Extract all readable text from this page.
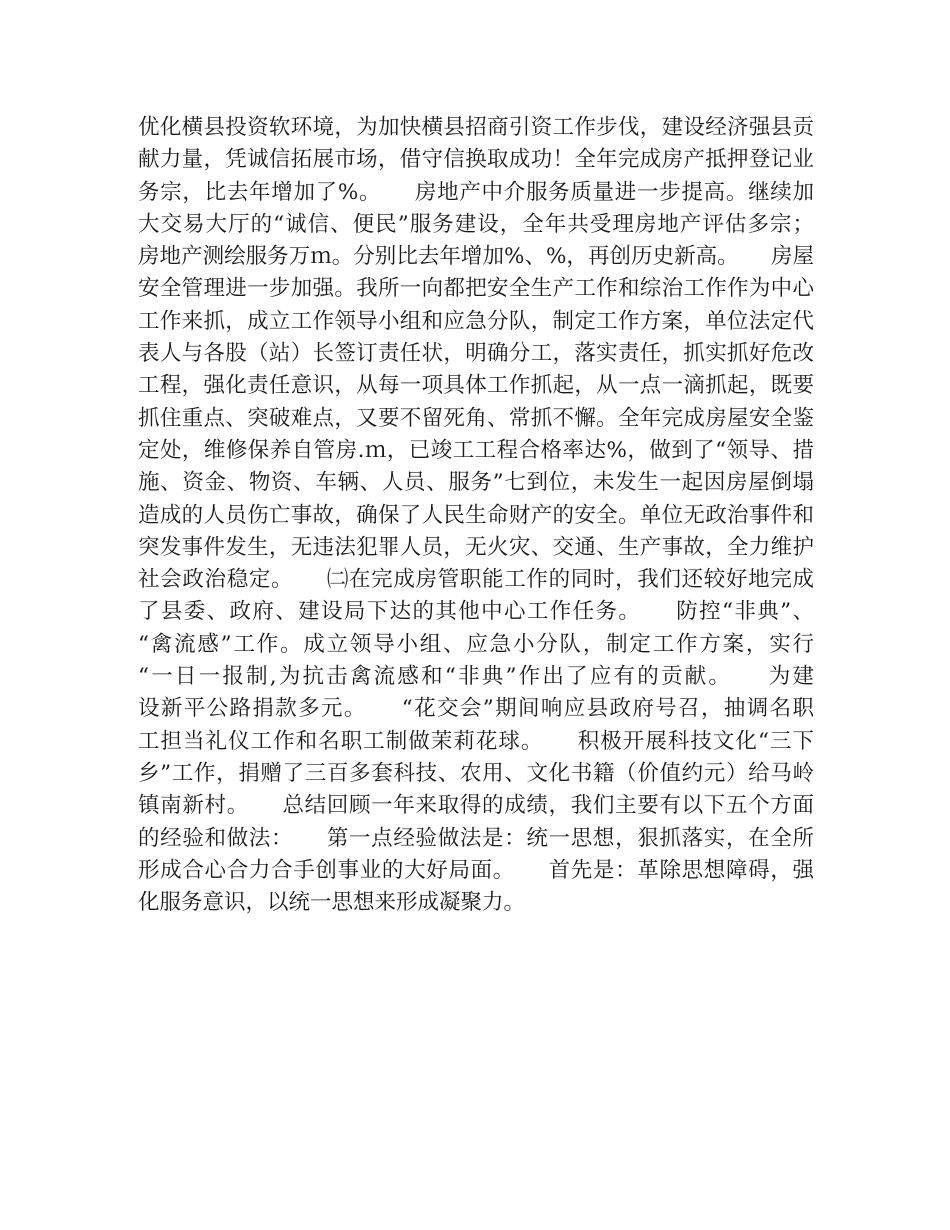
优化横县投资软环境，为加快横县招商引资工作步伐，建设经济强县贡
献力量，凭诚信拓展市场，借守信换取成功！全年完成房产抵押登记业
务宗，比去年增加了%。　　房地产中介服务质量进一步提高。继续加
大交易大厅的“诚信、便民”服务建设，全年共受理房地产评估多宗；
房地产测绘服务万ｍ。分别比去年增加%、%，再创历史新高。　　房屋
安全管理进一步加强。我所一向都把安全生产工作和综治工作作为中心
工作来抓，成立工作领导小组和应急分队，制定工作方案，单位法定代
表人与各股（站）长签订责任状，明确分工，落实责任，抓实抓好危改
工程，强化责任意识，从每一项具体工作抓起，从一点一滴抓起，既要
抓住重点、突破难点，又要不留死角、常抓不懈。全年完成房屋安全鉴
定处，维修保养自管房.ｍ，已竣工工程合格率达%，做到了“领导、措
施、资金、物资、车辆、人员、服务”七到位，未发生一起因房屋倒塌
造成的人员伤亡事故，确保了人民生命财产的安全。单位无政治事件和
突发事件发生，无违法犯罪人员，无火灾、交通、生产事故，全力维护
社会政治稳定。　　㈡在完成房管职能工作的同时，我们还较好地完成
了县委、政府、建设局下达的其他中心工作任务。　　防控“非典”、
“禽流感”工作。成立领导小组、应急小分队，制定工作方案，实行
“一日一报制,为抗击禽流感和“非典”作出了应有的贡献。　　为建
设新平公路捐款多元。　　“花交会”期间响应县政府号召，抽调名职
工担当礼仪工作和名职工制做茉莉花球。　　积极开展科技文化“三下
乡”工作，捐赠了三百多套科技、农用、文化书籍（价值约元）给马岭
镇南新村。　　总结回顾一年来取得的成绩，我们主要有以下五个方面
的经验和做法：　　第一点经验做法是：统一思想，狠抓落实，在全所
形成合心合力合手创事业的大好局面。　　首先是：革除思想障碍，强
化服务意识，以统一思想来形成凝聚力。
